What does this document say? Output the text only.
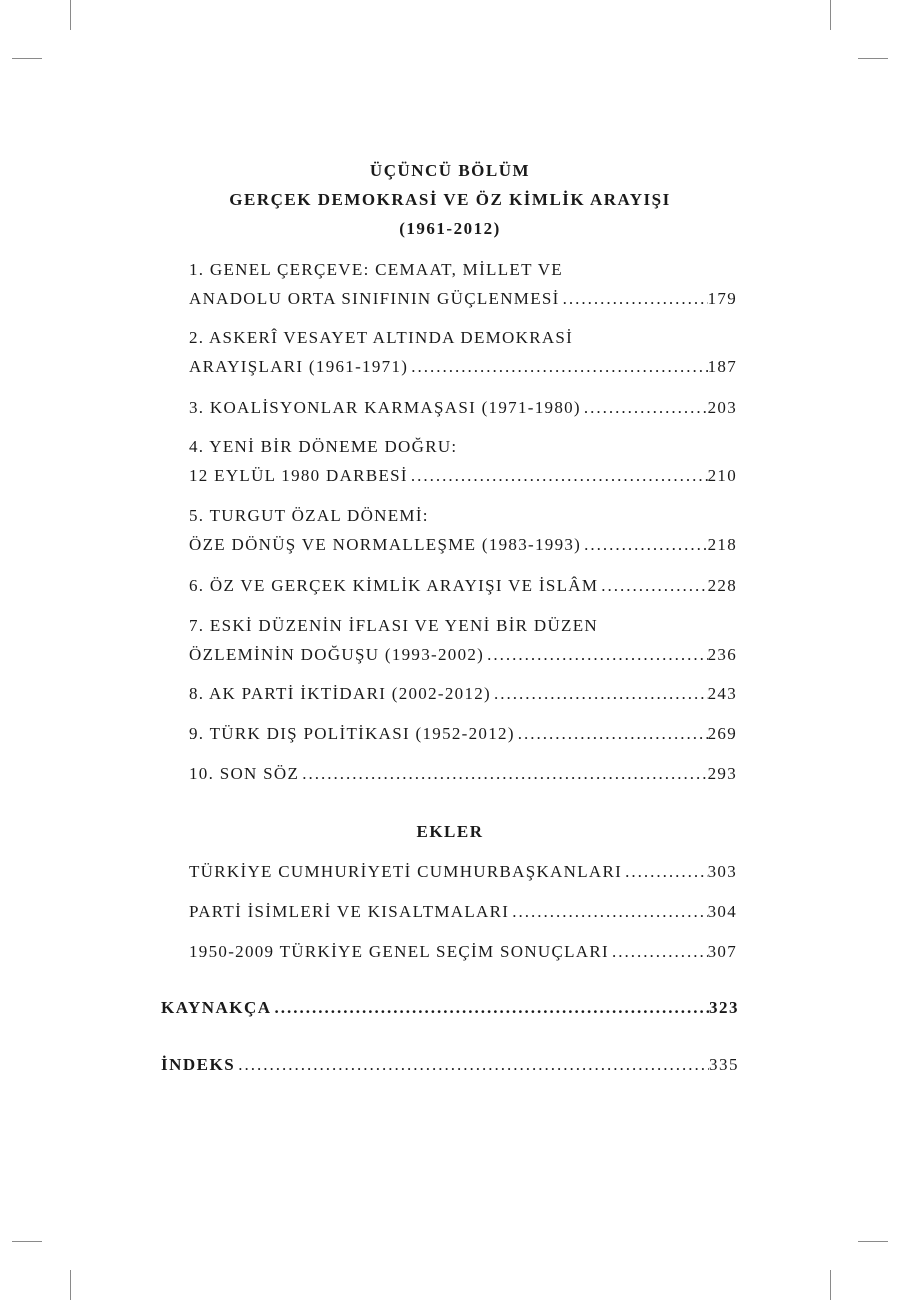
ÜÇÜNCÜ BÖLÜM
GERÇEK DEMOKRASİ VE ÖZ KİMLİK ARAYIŞI
(1961-2012)
1. GENEL ÇERÇEVE: CEMAAT, MİLLET VE
ANADOLU ORTA SINIFININ GÜÇLENMESİ .....	179
2. ASKERÎ VESAYET ALTINDA DEMOKRASİ
ARAYIŞLARI (1961-1971) .....	187
3. KOALİSYONLAR KARMAŞASI (1971-1980) .....	203
4. YENİ BİR DÖNEME DOĞRU:
12 EYLÜL 1980 DARBESİ .....	210
5. TURGUT ÖZAL DÖNEMİ:
ÖZE DÖNÜŞ VE NORMALLEŞME (1983-1993) .....	218
6. ÖZ VE GERÇEK KİMLİK ARAYIŞI VE İSLÂM .....	228
7. ESKİ DÜZENİN İFLASI VE YENİ BİR DÜZEN
ÖZLEMİNİN DOĞUŞU (1993-2002) .....	236
8. AK PARTİ İKTİDARI (2002-2012) .....	243
9. TÜRK DIŞ POLİTİKASI (1952-2012) .....	269
10. SON SÖZ .....	293
EKLER
TÜRKİYE CUMHURİYETİ CUMHURBAŞKANLARI .....	303
PARTİ İSİMLERİ VE KISALTMALARI .....	304
1950-2009 TÜRKİYE GENEL SEÇİM SONUÇLARI .....	307
KAYNAKÇA .....	323
İNDEKS .....	335
